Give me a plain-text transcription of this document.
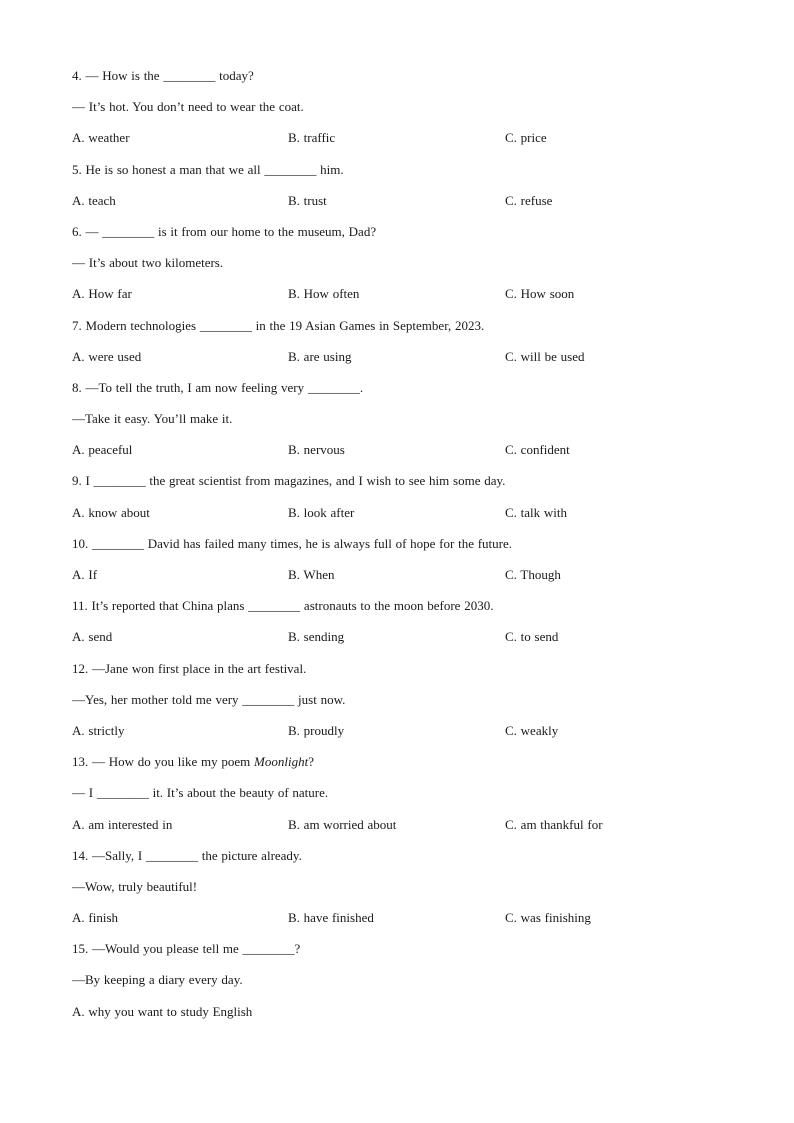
4. — How is the ________ today?
— It’s hot. You don’t need to wear the coat.
A. weather	B. traffic	C. price
5. He is so honest a man that we all ________ him.
A. teach	B. trust	C. refuse
6. — ________ is it from our home to the museum, Dad?
— It’s about two kilometers.
A. How far	B. How often	C. How soon
7. Modern technologies ________ in the 19 Asian Games in September, 2023.
A. were used	B. are using	C. will be used
8. —To tell the truth, I am now feeling very ________.
—Take it easy. You’ll make it.
A. peaceful	B. nervous	C. confident
9. I ________ the great scientist from magazines, and I wish to see him some day.
A. know about	B. look after	C. talk with
10. ________ David has failed many times, he is always full of hope for the future.
A. If	B. When	C. Though
11. It’s reported that China plans ________ astronauts to the moon before 2030.
A. send	B. sending	C. to send
12. —Jane won first place in the art festival.
—Yes, her mother told me very ________ just now.
A. strictly	B. proudly	C. weakly
13. — How do you like my poem Moonlight?
— I ________ it. It’s about the beauty of nature.
A. am interested in	B. am worried about	C. am thankful for
14. —Sally, I ________ the picture already.
—Wow, truly beautiful!
A. finish	B. have finished	C. was finishing
15. —Would you please tell me ________?
—By keeping a diary every day.
A. why you want to study English
